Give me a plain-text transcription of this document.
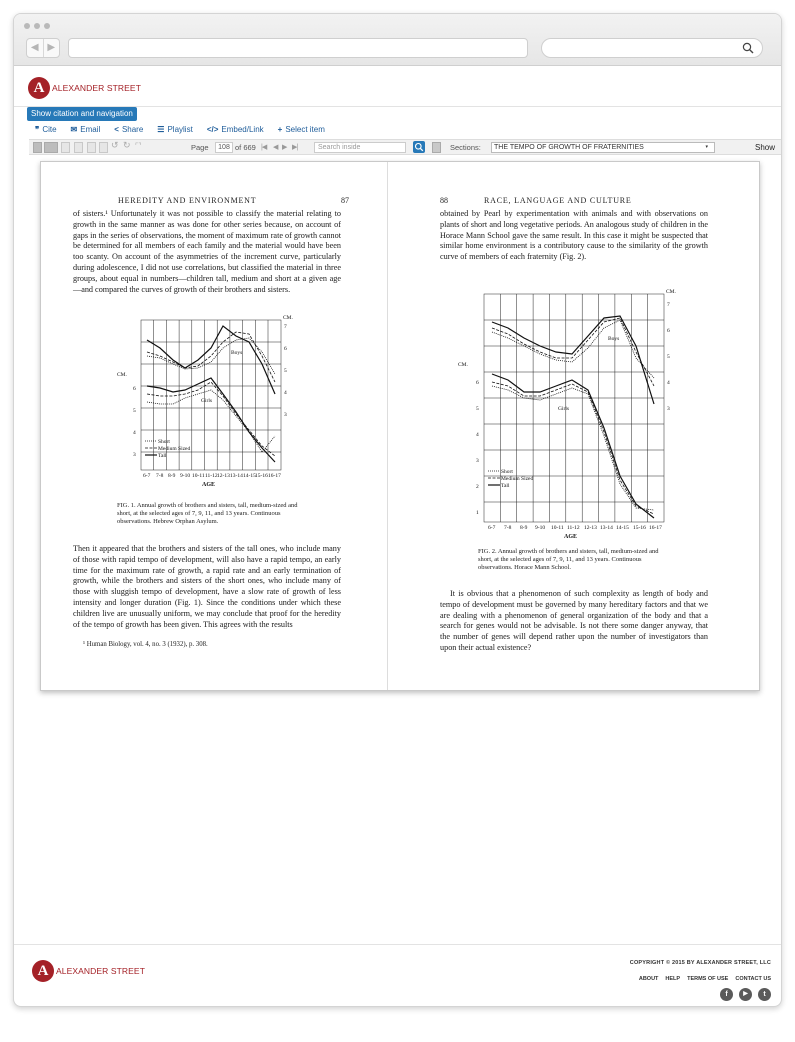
◀ ▶
A ALEXANDER STREET
Show citation and navigation
❞ Cite ✉ Email < Share ☰ Playlist </> Embed/Link + Select item
↺ ↻ ⌜⌝	Page	108 of 669 |◀ ◀ ▶ ▶|	Search inside	Sections:	THE TEMPO OF GROWTH OF FRATERNITIES	▾	Show
HEREDITY AND ENVIRONMENT	87
of sisters.¹ Unfortunately it was not possible to classify the material relating to growth in the same manner as was done for other series because, on account of gaps in the series of observations, the moment of maximum rate of growth cannot be determined for all members of each family and the material would have been too scanty. On account of the asymmetries of the increment curve, particularly during adolescence, I did not use correlations, but classified the material in three groups, about equal in numbers—children tall, medium and short at a given age—and compared the curves of growth of their brothers and sisters.
CM.
CM.
Boys
Girls
6
5
4
3
7
6
5
4
3
Short
Medium Sized
Tall
6-7 7-8 8-9 9-10 10-11 11-12 12-13 13-14 14-15 15-16 16-17
AGE
FIG. 1. Annual growth of brothers and sisters, tall, medium-sized and short, at the selected ages of 7, 9, 11, and 13 years. Continuous observations. Hebrew Orphan Asylum.
Then it appeared that the brothers and sisters of the tall ones, who include many of those with rapid tempo of development, will also have a rapid tempo, an early time for the maximum rate of growth, a rapid rate and an early termination of growth, while the brothers and sisters of the short ones, who include many of those with sluggish tempo of development, have a slow rate of growth of less intensity and longer duration (Fig. 1). Since the conditions under which these children live are unusually uniform, we may conclude that proof for the heredity of the tempo of growth has been given. This agrees with the results
¹ Human Biology, vol. 4, no. 3 (1932), p. 308.
88	RACE, LANGUAGE AND CULTURE
obtained by Pearl by experimentation with animals and with observations on plants of short and long vegetative periods. An analogous study of children in the Horace Mann School gave the same result. In this case it might be suspected that similar home environment is a contributory cause to the similarity of the growth curve of members of each fraternity (Fig. 2).
CM.
CM.
Boys
Girls
6
5
4
3
2
1
7
6
5
4
3
Short
Medium Sized
Tall
6-7 7-8 8-9 9-10 10-11 11-12 12-13 13-14 14-15 15-16 16-17
AGE
FIG. 2. Annual growth of brothers and sisters, tall, medium-sized and short, at the selected ages of 7, 9, 11, and 13 years. Continuous observations. Horace Mann School.
It is obvious that a phenomenon of such complexity as length of body and tempo of development must be governed by many hereditary factors and that we are dealing with a phenomenon of general organization of the body and that a search for genes would not be advisable. Is not there some danger anyway, that the number of genes will depend rather upon the number of investigators than upon their actual existence?
A ALEXANDER STREET
COPYRIGHT © 2015 BY ALEXANDER STREET, LLC
ABOUT HELP TERMS OF USE CONTACT US
f	▶	t
